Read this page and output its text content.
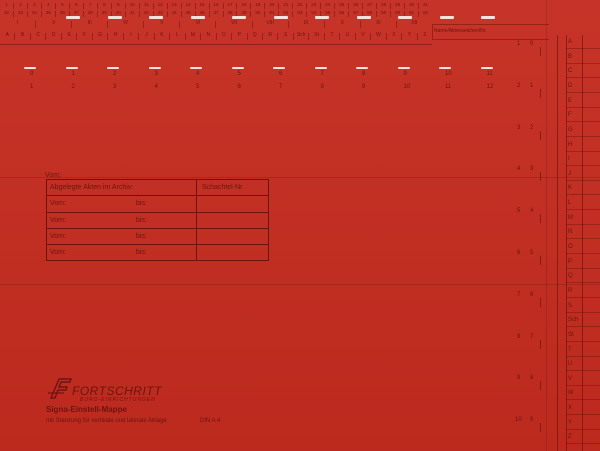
1	2	3	4	5	6	7	8	9	10	11	12	13	14	15	16	17	18	19	20	21	22	23	24	25	26	27	28	29	30	31
32	33	34	35	36	37	38	39	40	41	42	43	44	45	46	47	48	49	50	51	52	53	54	55	56	57	58	59	60	61	62
I	II	III	IV	V	VI	VII	VIII	IX	X	XI	XII
A	B	C	D	E	F	G	H	I	J	K	L	M	N	O	P	Q	R	S	Sch	St	T	U	V	W	X	Y	Z
Name/Aktenzeichen/Nr.
0	1	2	3	4	5	6	7	8	9	10	11
1	2	3	4	5	6	7	8	9	10	11	12
1 0
2 1
3 2
4 3
5 4
6 5
7 6
8 7
9 8
10 9
A
B
C
D
E
F
G
H
I
J
K
L
M
N
O
P
Q
R
S
Sch
St
T
U
V
W
X
Y
Z
Vom:
Abgelegte Akten im Archiv:	Schachtel-Nr
Vom:	bis:
Vom:	bis:
Vom:	bis:
Vom:	bis:
FORTSCHRITT
BÜRO-EINRICHTUNGEN
Signa-Einstell-Mappe
mit Stanzung für vertikale und laterale Ablage	DIN A 4
